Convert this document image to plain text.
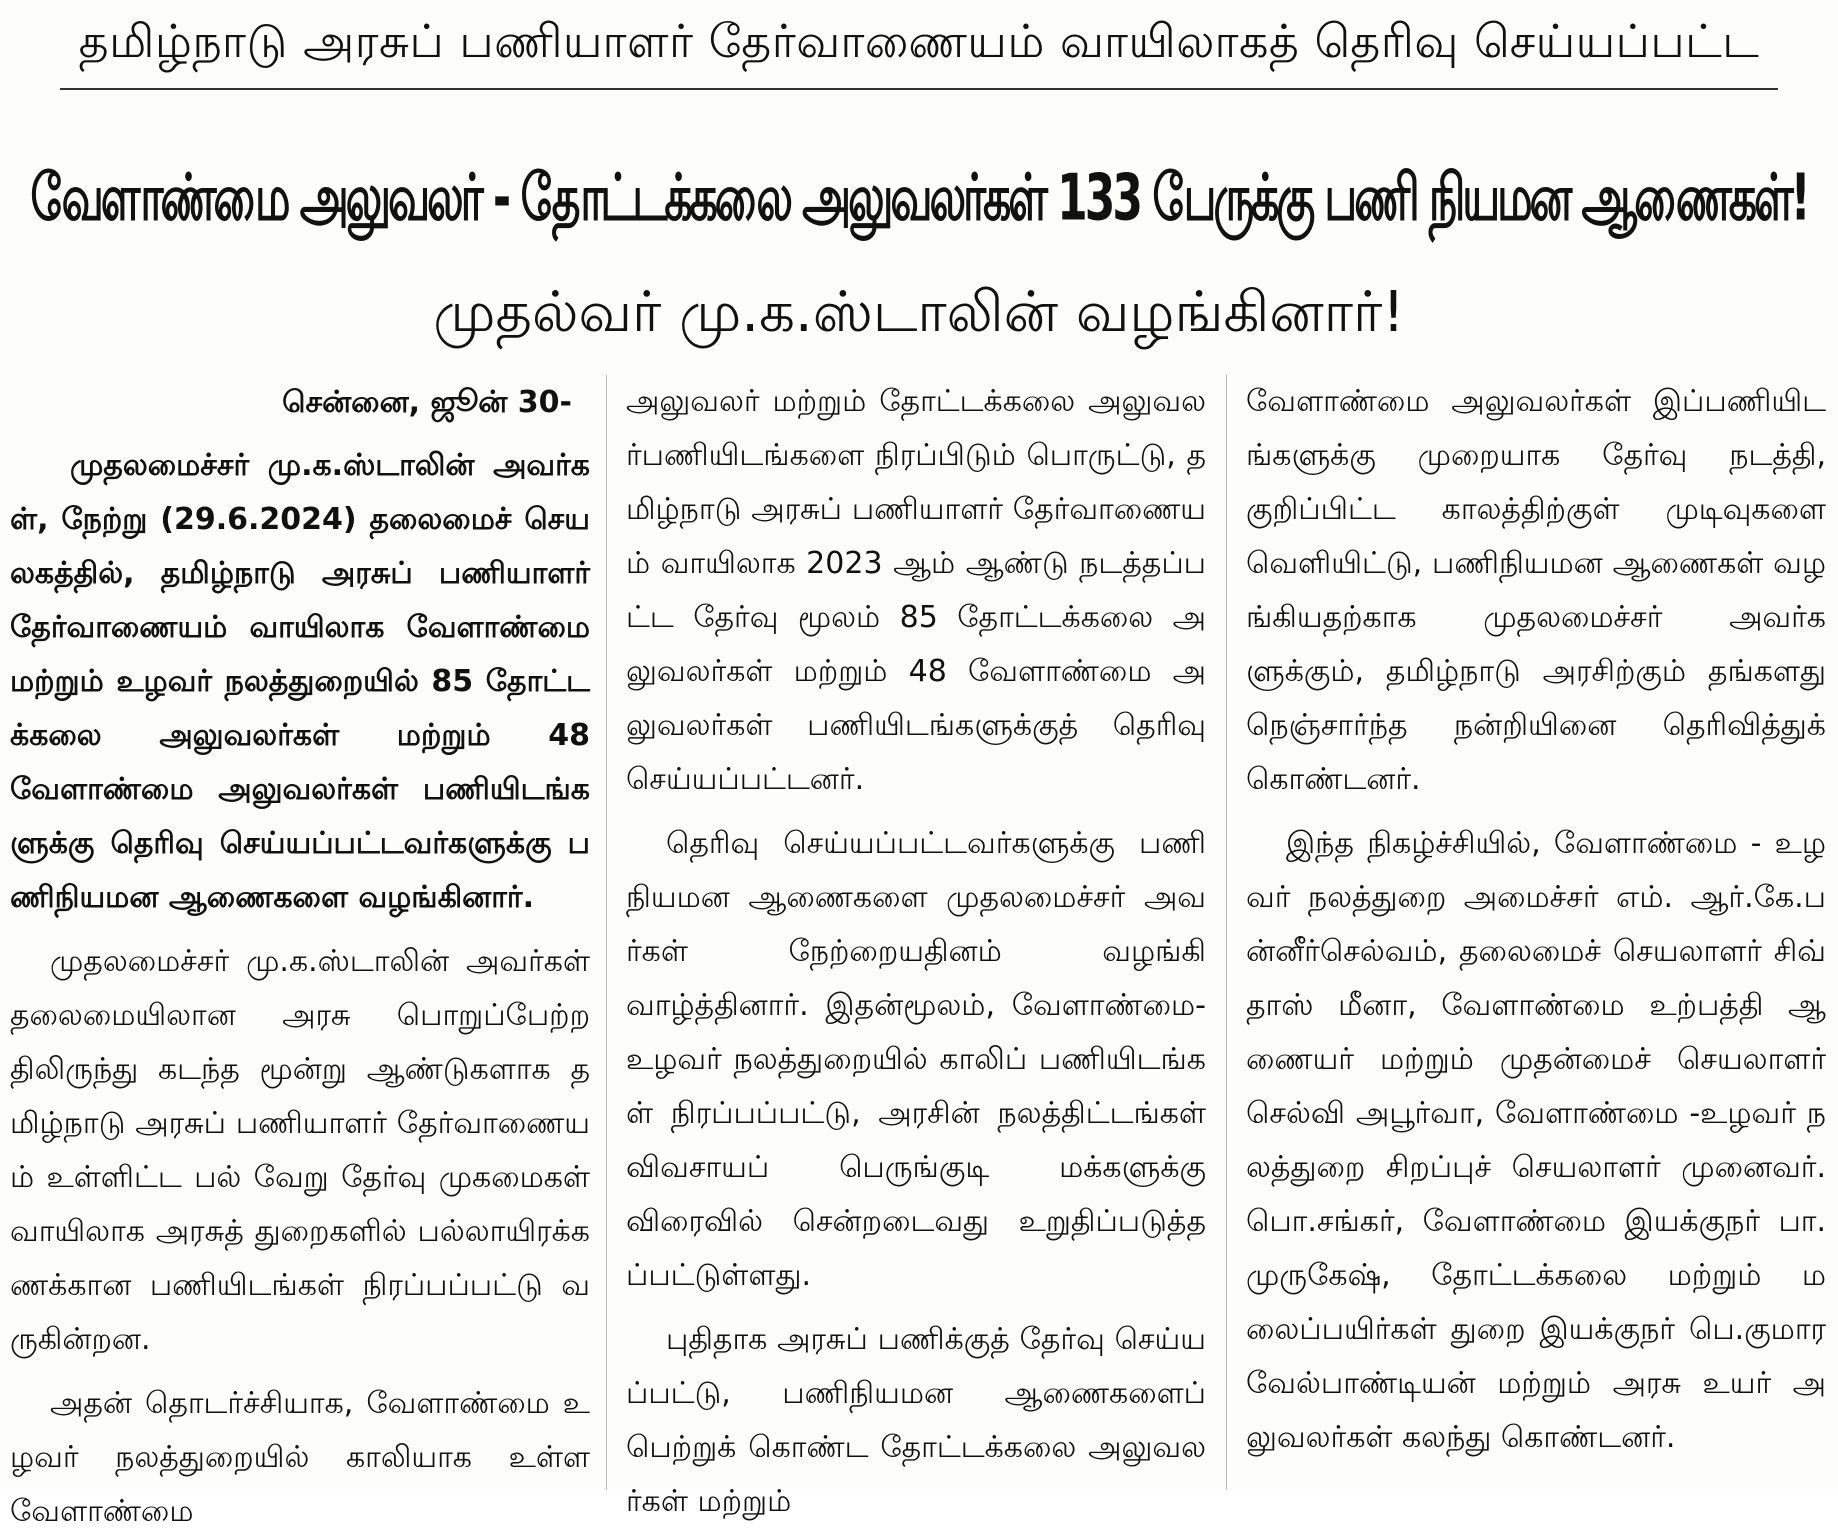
தமிழ்நாடு அரசுப் பணியாளர் தேர்வாணையம் வாயிலாகத் தெரிவு செய்யப்பட்ட
வேளாண்மை அலுவலர் - தோட்டக்கலை அலுவலர்கள் 133 பேருக்கு பணி நியமன ஆணைகள்!
முதல்வர் மு.க.ஸ்டாலின் வழங்கினார்!
சென்னை, ஜூன் 30-

முதலமைச்சர் மு.க.ஸ்டாலின் அவர்கள், நேற்று (29.6.2024) தலைமைச் செயலகத்தில், தமிழ்நாடு அரசுப் பணியாளர் தேர்வாணையம் வாயிலாக வேளாண்மை மற்றும் உழவர் நலத்துறையில் 85 தோட்டக்கலை அலுவலர்கள் மற்றும் 48 வேளாண்மை அலுவலர்கள் பணியிடங்களுக்கு தெரிவு செய்யப்பட்டவர்களுக்கு பணிநியமன ஆணைகளை வழங்கினார்.

முதலமைச்சர் மு.க.ஸ்டாலின் அவர்கள் தலைமையிலான அரசு பொறுப்பேற்றதிலிருந்து கடந்த மூன்று ஆண்டுகளாக தமிழ்நாடு அரசுப் பணியாளர் தேர்வாணையம் உள்ளிட்ட பல் வேறு தேர்வு முகமைகள் வாயிலாக அரசுத் துறைகளில் பல்லாயிரக்கணக்கான பணியிடங்கள் நிரப்பப்பட்டு வருகின்றன.

அதன் தொடர்ச்சியாக, வேளாண்மை உழவர் நலத்துறையில் காலியாக உள்ள வேளாண்மை

அலுவலர் மற்றும் தோட்டக்கலை அலுவலர்பணியிடங்களை நிரப்பிடும் பொருட்டு, தமிழ்நாடு அரசுப் பணியாளர் தேர்வாணையம் வாயிலாக 2023 ஆம் ஆண்டு நடத்தப்பட்ட தேர்வு மூலம் 85 தோட்டக்கலை அலுவலர்கள் மற்றும் 48 வேளாண்மை அலுவலர்கள் பணியிடங்களுக்குத் தெரிவு செய்யப்பட்டனர்.

தெரிவு செய்யப்பட்டவர்களுக்கு பணி நியமன ஆணைகளை முதலமைச்சர் அவர்கள் நேற்றையதினம் வழங்கி வாழ்த்தினார். இதன்மூலம், வேளாண்மை-உழவர் நலத்துறையில் காலிப் பணியிடங்கள் நிரப்பப்பட்டு, அரசின் நலத்திட்டங்கள் விவசாயப் பெருங்குடி மக்களுக்கு விரைவில் சென்றடைவது உறுதிப்படுத்தப்பட்டுள்ளது.

புதிதாக அரசுப் பணிக்குத் தேர்வு செய்யப்பட்டு, பணிநியமன ஆணைகளைப் பெற்றுக் கொண்ட தோட்டக்கலை அலுவலர்கள் மற்றும்

வேளாண்மை அலுவலர்கள் இப்பணியிடங்களுக்கு முறையாக தேர்வு நடத்தி, குறிப்பிட்ட காலத்திற்குள் முடிவுகளை வெளியிட்டு, பணிநியமன ஆணைகள் வழங்கியதற்காக முதலமைச்சர் அவர்களுக்கும், தமிழ்நாடு அரசிற்கும் தங்களது நெஞ்சார்ந்த நன்றியினை தெரிவித்துக் கொண்டனர்.

இந்த நிகழ்ச்சியில், வேளாண்மை - உழவர் நலத்துறை அமைச்சர் எம். ஆர்.கே.பன்னீர்செல்வம், தலைமைச் செயலாளர் சிவ் தாஸ் மீனா, வேளாண்மை உற்பத்தி ஆணையர் மற்றும் முதன்மைச் செயலாளர் செல்வி அபூர்வா, வேளாண்மை -உழவர் நலத்துறை சிறப்புச் செயலாளர் முனைவர். பொ.சங்கர், வேளாண்மை இயக்குநர் பா.முருகேஷ், தோட்டக்கலை மற்றும் மலைப்பயிர்கள் துறை இயக்குநர் பெ.குமாரவேல்பாண்டியன் மற்றும் அரசு உயர் அலுவலர்கள் கலந்து கொண்டனர்.
